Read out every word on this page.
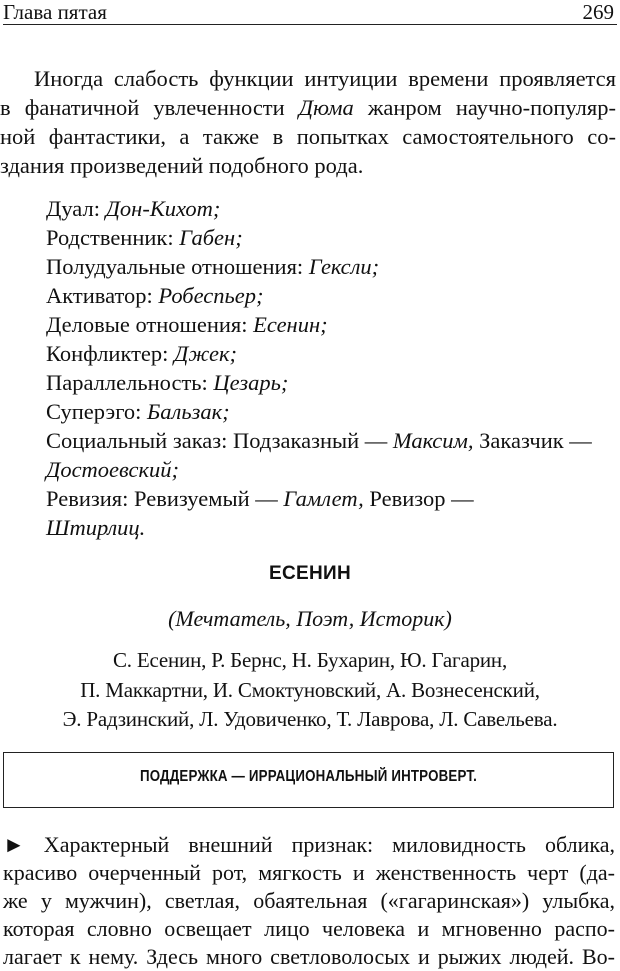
Глава пятая	269
Иногда слабость функции интуиции времени проявляется
в фанатичной увлеченности Дюма жанром научно-популяр-
ной фантастики, а также в попытках самостоятельного со-
здания произведений подобного рода.
Дуал: Дон-Кихот;
Родственник: Габен;
Полудуальные отношения: Гексли;
Активатор: Робеспьер;
Деловые отношения: Есенин;
Конфликтер: Джек;
Параллельность: Цезарь;
Суперэго: Бальзак;
Социальный заказ: Подзаказный — Максим, Заказчик —
Достоевский;
Ревизия: Ревизуемый — Гамлет, Ревизор —
Штирлиц.
ЕСЕНИН
(Мечтатель, Поэт, Историк)
С. Есенин, Р. Бернс, Н. Бухарин, Ю. Гагарин,
П. Маккартни, И. Смоктуновский, А. Вознесенский,
Э. Радзинский, Л. Удовиченко, Т. Лаврова, Л. Савельева.
ПОДДЕРЖКА — ИРРАЦИОНАЛЬНЫЙ ИНТРОВЕРТ.
► Характерный внешний признак: миловидность облика,
красиво очерченный рот, мягкость и женственность черт (да-
же у мужчин), светлая, обаятельная («гагаринская») улыбка,
которая словно освещает лицо человека и мгновенно распо-
лагает к нему. Здесь много светловолосых и рыжих людей. Во-
